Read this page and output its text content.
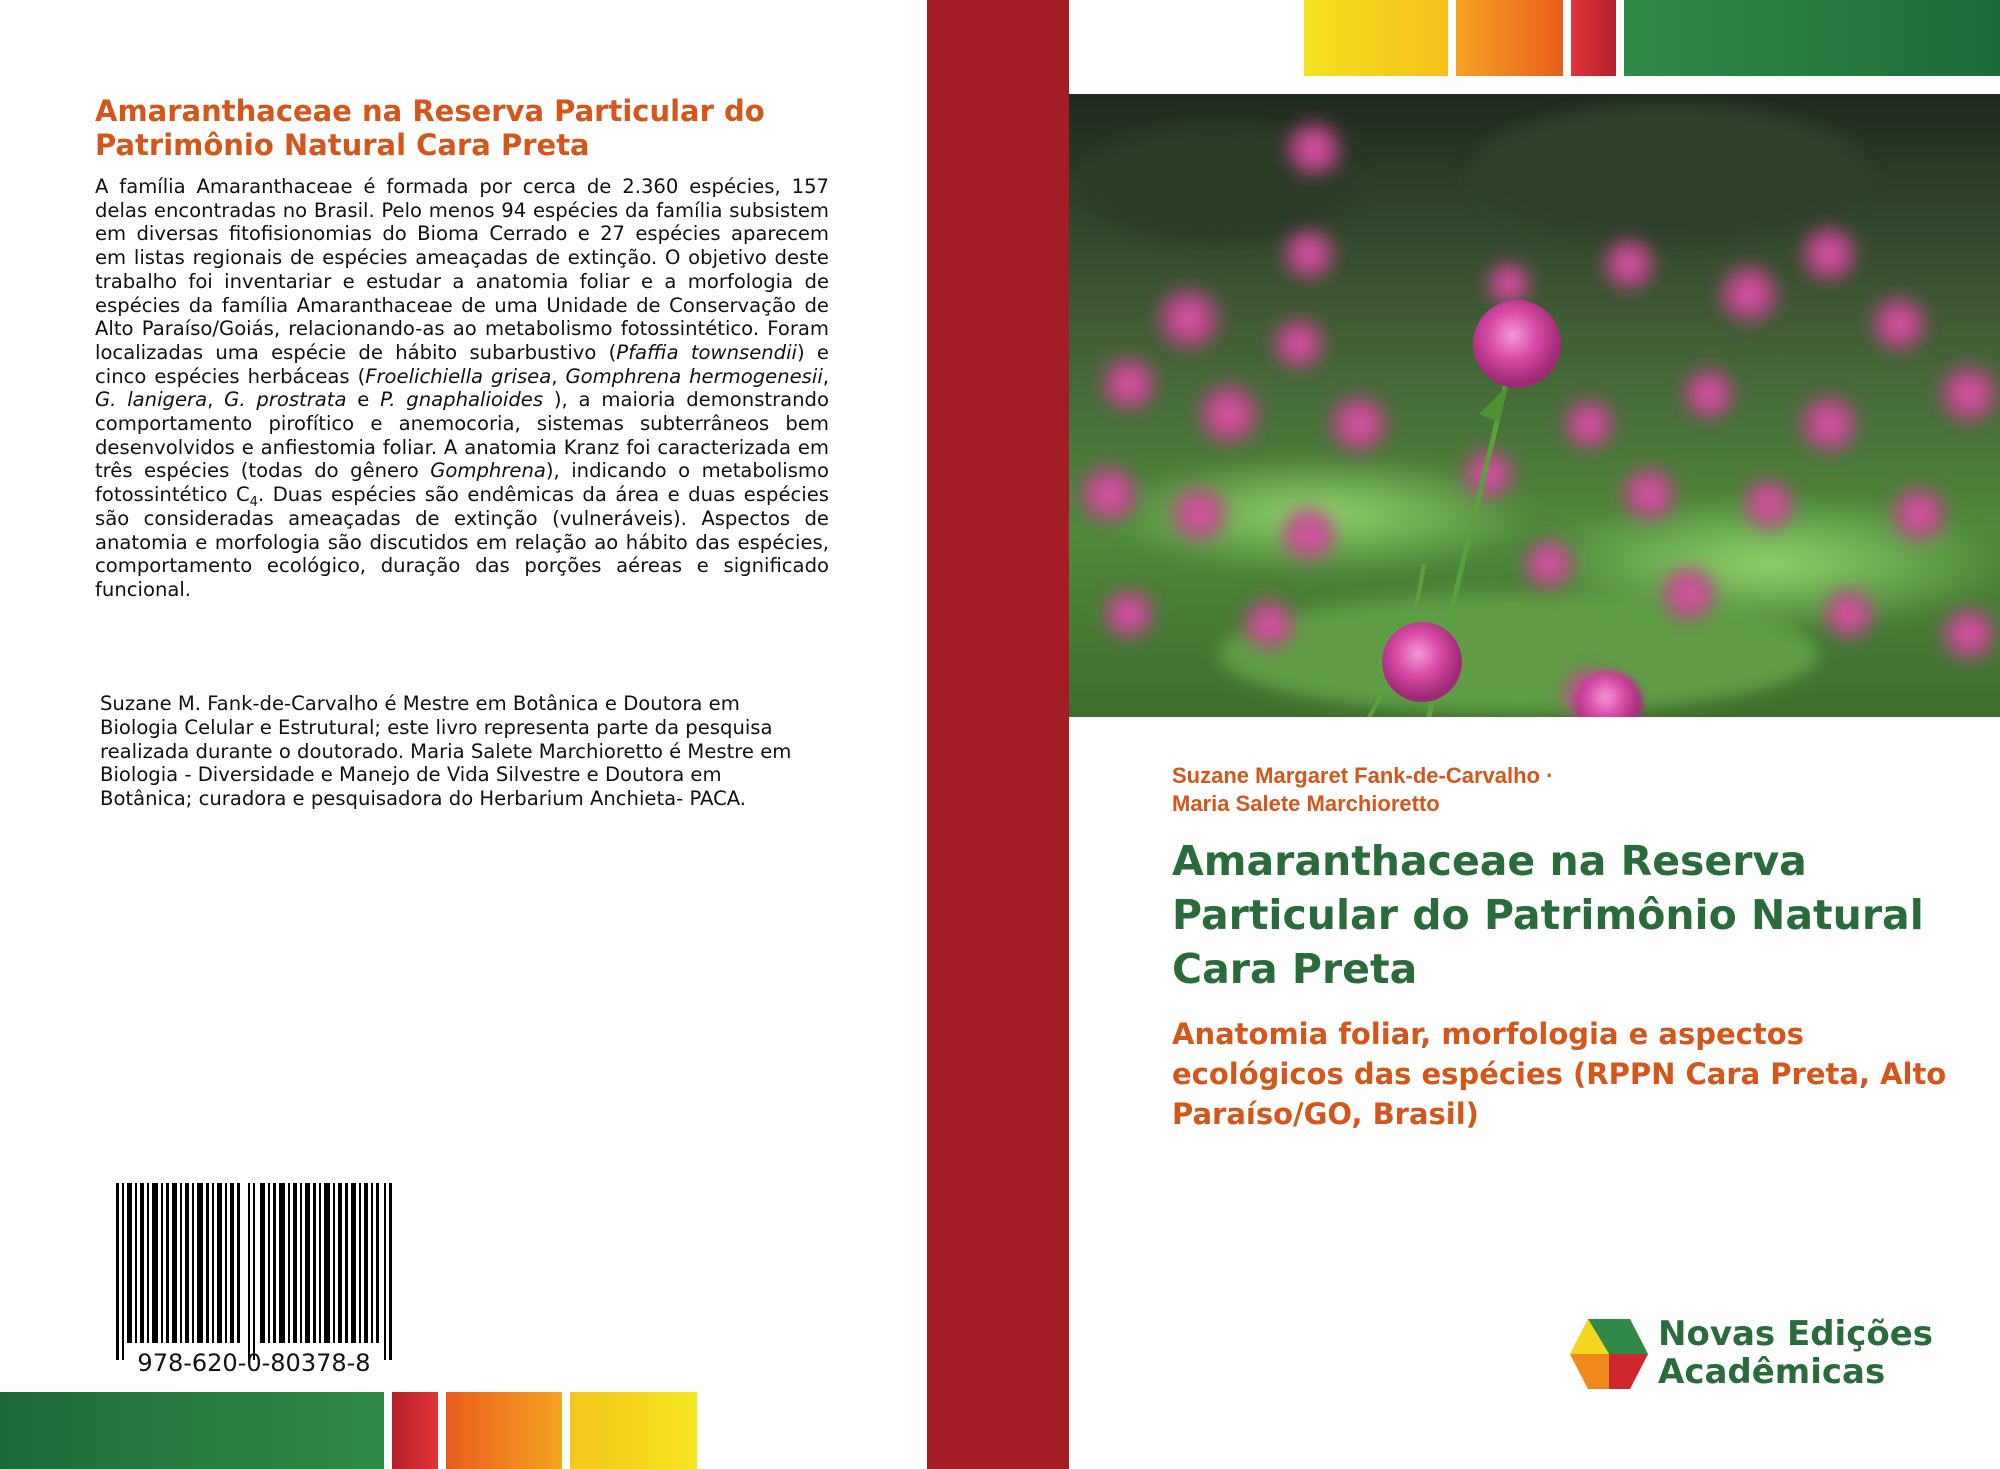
Amaranthaceae na Reserva Particular do Patrimônio Natural Cara Preta

A família Amaranthaceae é formada por cerca de 2.360 espécies, 157 delas encontradas no Brasil. Pelo menos 94 espécies da família subsistem em diversas fitofisionomias do Bioma Cerrado e 27 espécies aparecem em listas regionais de espécies ameaçadas de extinção. O objetivo deste trabalho foi inventariar e estudar a anatomia foliar e a morfologia de espécies da família Amaranthaceae de uma Unidade de Conservação de Alto Paraíso/Goiás, relacionando-as ao metabolismo fotossintético. Foram localizadas uma espécie de hábito subarbustivo (Pfaffia townsendii) e cinco espécies herbáceas (Froelichiella grisea, Gomphrena hermogenesii, G. lanigera, G. prostrata e P. gnaphalioides ), a maioria demonstrando comportamento pirofítico e anemocoria, sistemas subterrâneos bem desenvolvidos e anfiestomia foliar. A anatomia Kranz foi caracterizada em três espécies (todas do gênero Gomphrena), indicando o metabolismo fotossintético $C_4$. Duas espécies são endêmicas da área e duas espécies são consideradas ameaçadas de extinção (vulneráveis). Aspectos de anatomia e morfologia são discutidos em relação ao hábito das espécies, comportamento ecológico, duração das porções aéreas e significado funcional.

Suzane M. Fank-de-Carvalho é Mestre em Botânica e Doutora em Biologia Celular e Estrutural; este livro representa parte da pesquisa realizada durante o doutorado. Maria Salete Marchioretto é Mestre em Biologia - Diversidade e Manejo de Vida Silvestre e Doutora em Botânica; curadora e pesquisadora do Herbarium Anchieta- PACA.

978-620-0-80378-8
Suzane Margaret Fank-de-Carvalho ·
Maria Salete Marchioretto
Amaranthaceae na Reserva Particular do Patrimônio Natural Cara Preta
Anatomia foliar, morfologia e aspectos ecológicos das espécies (RPPN Cara Preta, Alto Paraíso/GO, Brasil)
Novas Edições
Acadêmicas
